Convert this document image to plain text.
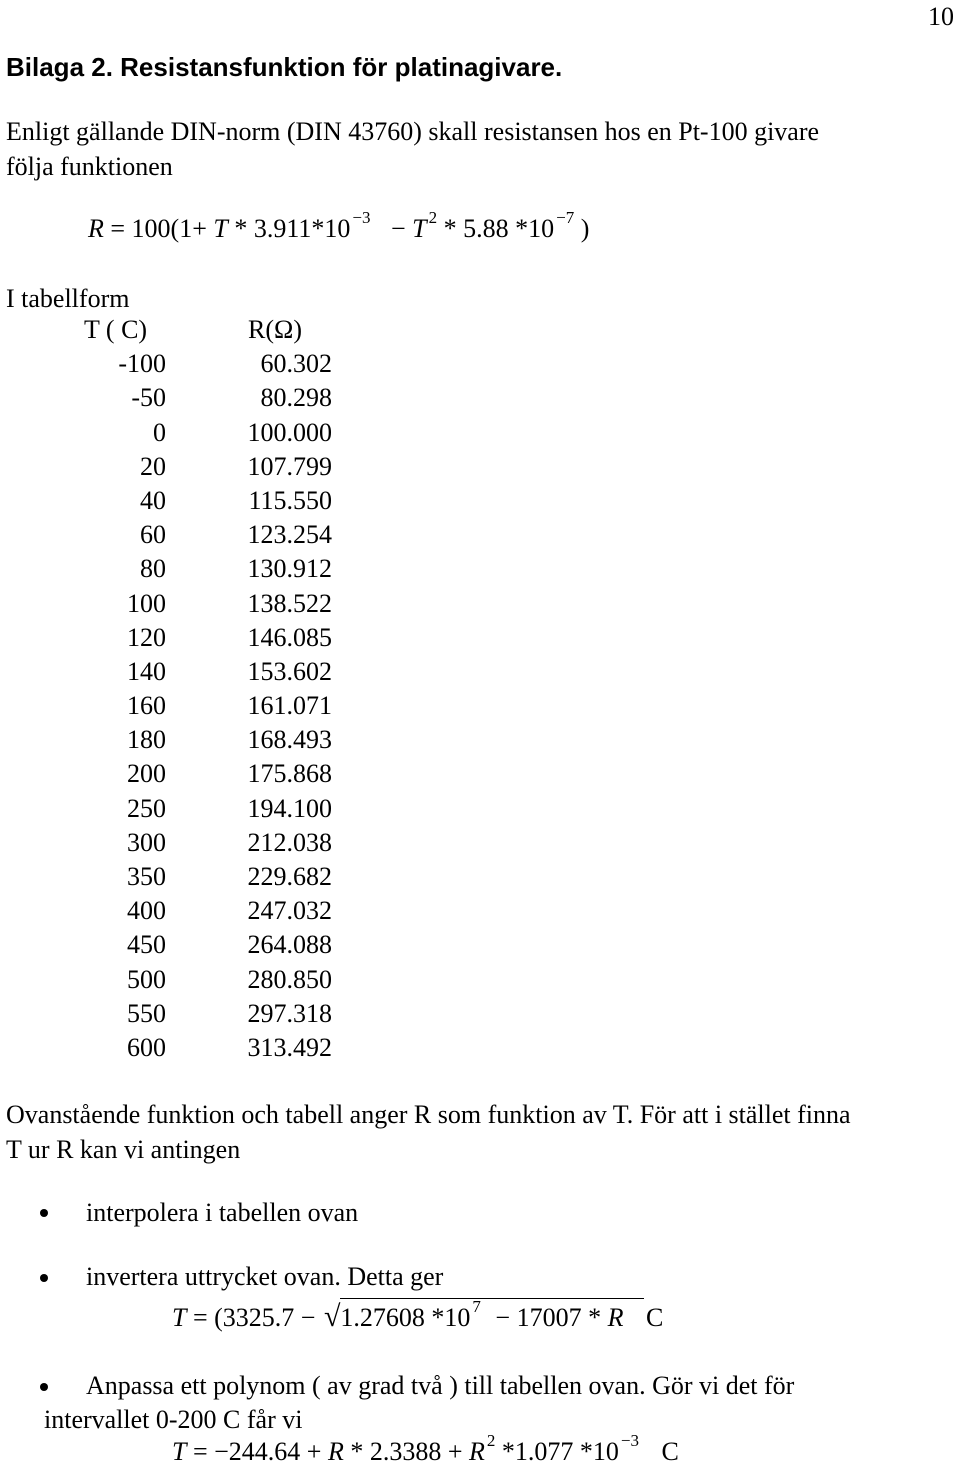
10
Bilaga 2. Resistansfunktion för platinagivare.
Enligt gällande DIN-norm (DIN 43760) skall resistansen hos en Pt-100 givare
följa funktionen
R = 100(1+ T * 3.911*10 $^{-3}$ − T $^2$ * 5.88 *10 $^{-7}$ )
I tabellform
T ( C)	R(Ω)
-100	60.302
-50	80.298
0	100.000
20	107.799
40	115.550
60	123.254
80	130.912
100	138.522
120	146.085
140	153.602
160	161.071
180	168.493
200	175.868
250	194.100
300	212.038
350	229.682
400	247.032
450	264.088
500	280.850
550	297.318
600	313.492
Ovanstående funktion och tabell anger R som funktion av T. För att i stället finna
T ur R kan vi antingen
interpolera i tabellen ovan
invertera uttrycket ovan. Detta ger
T = (3325.7 − √1.27608 *10 $^7$ − 17007 * R C
Anpassa ett polynom ( av grad två ) till tabellen ovan. Gör vi det för
intervallet 0-200 C får vi
T = −244.64 + R * 2.3388 + R $^2$ *1.077 *10 $^{-3}$ C
